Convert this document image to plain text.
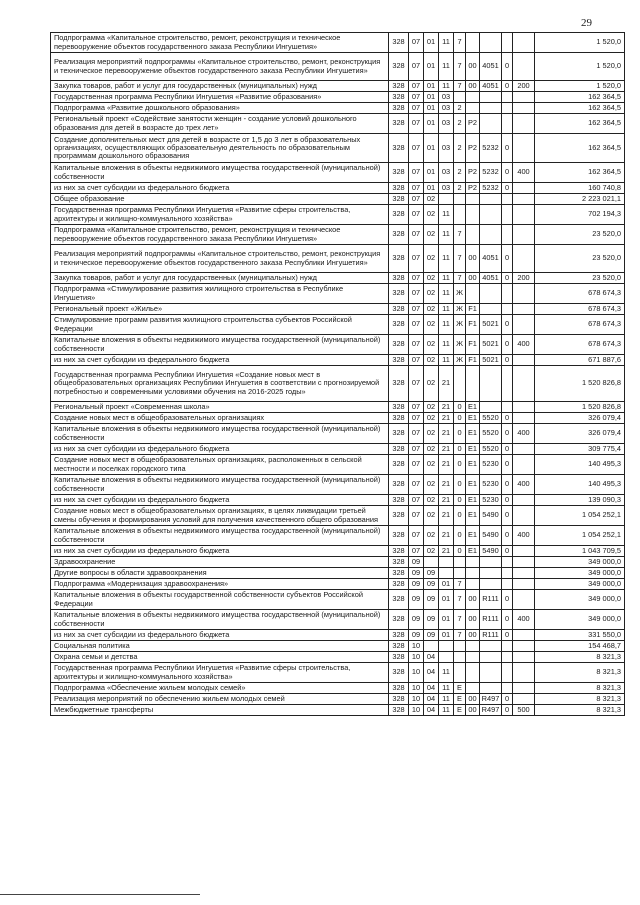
29
Подпрограмма «Капитальное строительство, ремонт, реконструкция и техническое перевооружение объектов государственного заказа Республики Ингушетия»	328	07	01	11	7					1 520,0
Реализация мероприятий подпрограммы «Капитальное строительство, ремонт, реконструкция и техническое перевооружение объектов государственного заказа Республики Ингушетия»	328	07	01	11	7	00	4051	0		1 520,0
Закупка товаров, работ и услуг для государственных (муниципальных) нужд	328	07	01	11	7	00	4051	0	200	1 520,0
Государственная программа Республики Ингушетия «Развитие образования»	328	07	01	03						162 364,5
Подпрограмма «Развитие дошкольного образования»	328	07	01	03	2					162 364,5
Региональный проект «Содействие занятости женщин - создание условий дошкольного образования для детей в возрасте до трех лет»	328	07	01	03	2	P2				162 364,5
Создание дополнительных мест для детей в возрасте от 1,5 до 3 лет в образовательных организациях, осуществляющих образовательную деятельность по образовательным программам дошкольного образования	328	07	01	03	2	P2	5232	0		162 364,5
Капитальные вложения в объекты недвижимого имущества государственной (муниципальной) собственности	328	07	01	03	2	P2	5232	0	400	162 364,5
из них за счет субсидии из федерального бюджета	328	07	01	03	2	P2	5232	0		160 740,8
Общее образование	328	07	02							2 223 021,1
Государственная программа Республики Ингушетия «Развитие сферы строительства, архитектуры и жилищно-коммунального хозяйства»	328	07	02	11						702 194,3
Подпрограмма «Капитальное строительство, ремонт, реконструкция и техническое перевооружение объектов государственного заказа Республики Ингушетия»	328	07	02	11	7					23 520,0
Реализация мероприятий подпрограммы «Капитальное строительство, ремонт, реконструкция и техническое перевооружение объектов государственного заказа Республики Ингушетия»	328	07	02	11	7	00	4051	0		23 520,0
Закупка товаров, работ и услуг для государственных (муниципальных) нужд	328	07	02	11	7	00	4051	0	200	23 520,0
Подпрограмма «Стимулирование развития жилищного строительства в Республике Ингушетия»	328	07	02	11	Ж					678 674,3
Региональный проект «Жилье»	328	07	02	11	Ж	F1				678 674,3
Стимулирование программ развития жилищного строительства субъектов Российской Федерации	328	07	02	11	Ж	F1	5021	0		678 674,3
Капитальные вложения в объекты недвижимого имущества государственной (муниципальной) собственности	328	07	02	11	Ж	F1	5021	0	400	678 674,3
из них за счет субсидии из федерального бюджета	328	07	02	11	Ж	F1	5021	0		671 887,6
Государственная программа Республики Ингушетия «Создание новых мест в общеобразовательных организациях Республики Ингушетия в соответствии с прогнозируемой потребностью и современными условиями обучения на 2016-2025 годы»	328	07	02	21						1 520 826,8
Региональный проект «Современная школа»	328	07	02	21	0	E1				1 520 826,8
Создание новых мест в общеобразовательных организациях	328	07	02	21	0	E1	5520	0		326 079,4
Капитальные вложения в объекты недвижимого имущества государственной (муниципальной) собственности	328	07	02	21	0	E1	5520	0	400	326 079,4
из них за счет субсидии из федерального бюджета	328	07	02	21	0	E1	5520	0		309 775,4
Создание новых мест в общеобразовательных организациях, расположенных в сельской местности и поселках городского типа	328	07	02	21	0	E1	5230	0		140 495,3
Капитальные вложения в объекты недвижимого имущества государственной (муниципальной) собственности	328	07	02	21	0	E1	5230	0	400	140 495,3
из них за счет субсидии из федерального бюджета	328	07	02	21	0	E1	5230	0		139 090,3
Создание новых мест в общеобразовательных организациях, в целях ликвидации третьей смены обучения и формирования условий для получения качественного общего образования	328	07	02	21	0	E1	5490	0		1 054 252,1
Капитальные вложения в объекты недвижимого имущества государственной (муниципальной) собственности	328	07	02	21	0	E1	5490	0	400	1 054 252,1
из них за счет субсидии из федерального бюджета	328	07	02	21	0	E1	5490	0		1 043 709,5
Здравоохранение	328	09								349 000,0
Другие вопросы в области здравоохранения	328	09	09							349 000,0
Подпрограмма «Модернизация здравоохранения»	328	09	09	01	7					349 000,0
Капитальные вложения в объекты государственной собственности субъектов Российской Федерации	328	09	09	01	7	00	R111	0		349 000,0
Капитальные вложения в объекты недвижимого имущества государственной (муниципальной) собственности	328	09	09	01	7	00	R111	0	400	349 000,0
из них за счет субсидии из федерального бюджета	328	09	09	01	7	00	R111	0		331 550,0
Социальная политика	328	10								154 468,7
Охрана семьи и детства	328	10	04							8 321,3
Государственная программа Республики Ингушетия «Развитие сферы строительства, архитектуры и жилищно-коммунального хозяйства»	328	10	04	11						8 321,3
Подпрограмма «Обеспечение жильем молодых семей»	328	10	04	11	Е					8 321,3
Реализация мероприятий по обеспечению жильем молодых семей	328	10	04	11	Е	00	R497	0		8 321,3
Межбюджетные трансферты	328	10	04	11	Е	00	R497	0	500	8 321,3
